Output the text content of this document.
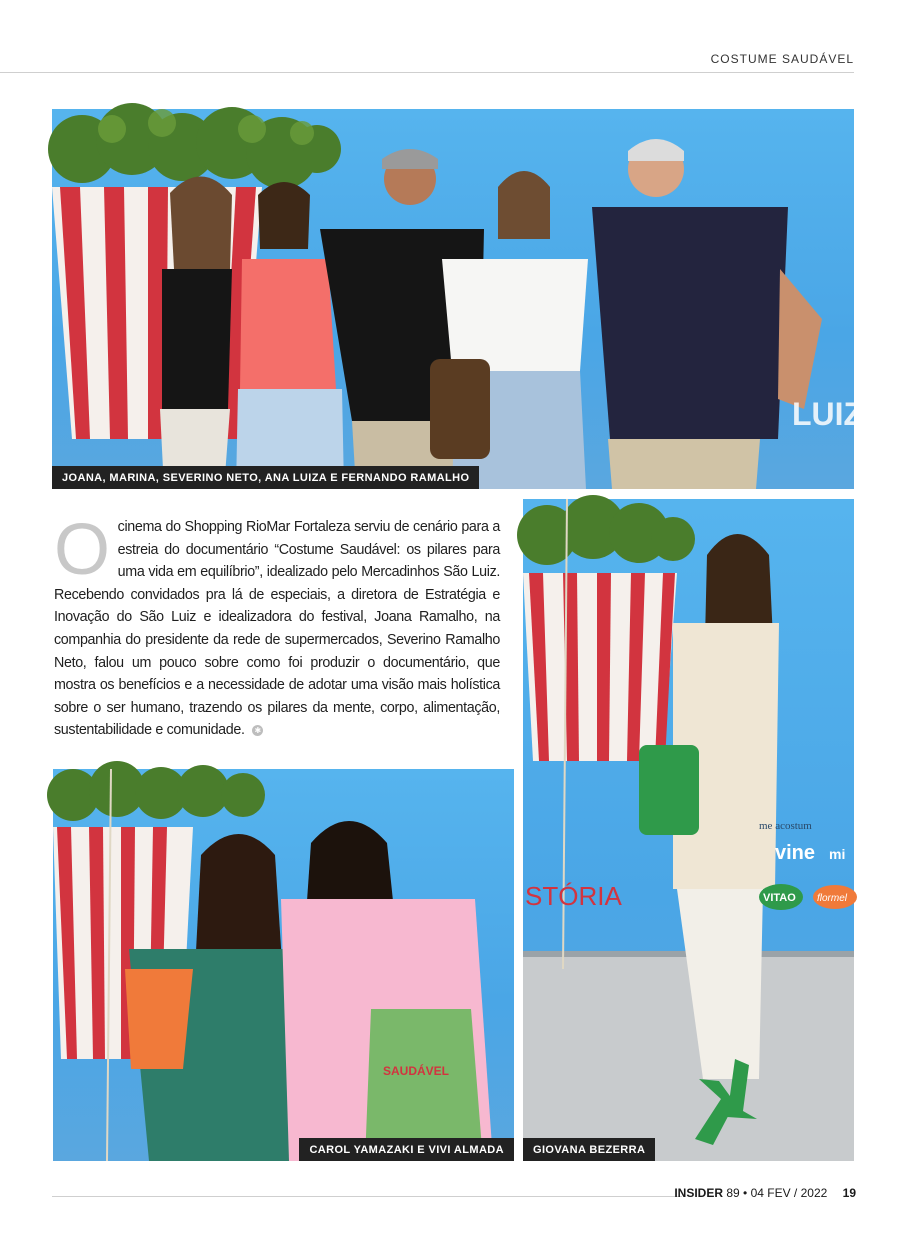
COSTUME SAUDÁVEL
LUIZ
JOANA, MARINA, SEVERINO NETO, ANA LUIZA E FERNANDO RAMALHO
O cinema do Shopping RioMar Fortaleza serviu de cenário para a estreia do documentário “Costume Saudável: os pilares para uma vida em equilíbrio”, idealizado pelo Mercadinhos São Luiz. Recebendo convidados pra lá de especiais, a diretora de Estratégia e Inovação do São Luiz e idealizadora do festival, Joana Ramalho, na companhia do presidente da rede de supermercados, Severino Ramalho Neto, falou um pouco sobre como foi produzir o documentário, que mostra os benefícios e a necessidade de adotar uma visão mais holística sobre o ser humano, trazendo os pilares da mente, corpo, alimentação, sustentabilidade e comunidade. ✱
me acostum
STÓRIA
vine mi
VITAO flormel
GIOVANA BEZERRA
SAUDÁVEL
CAROL YAMAZAKI E VIVI ALMADA
INSIDER 89 • 04 FEV / 2022 19
